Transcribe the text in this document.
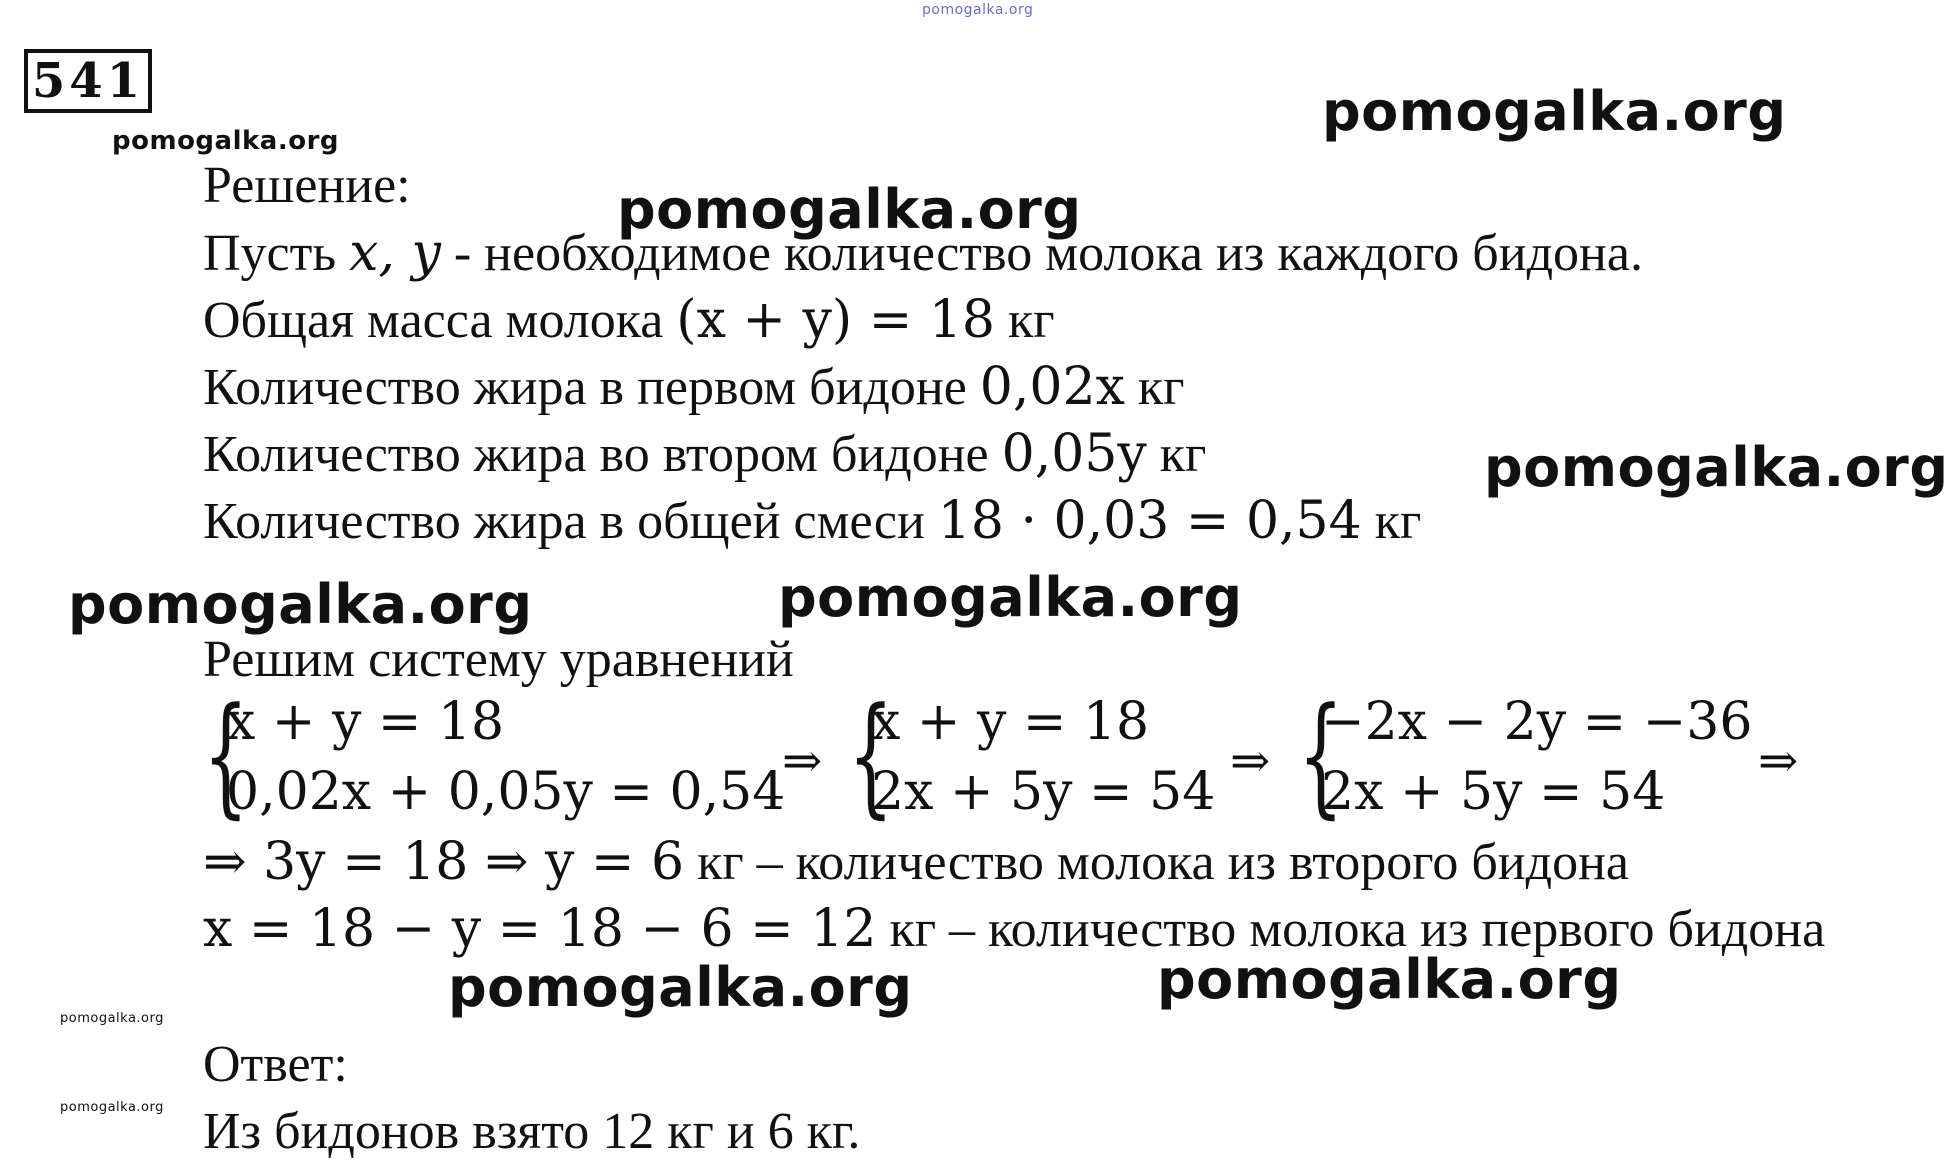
pomogalka.org
pomogalka.org
pomogalka.org
pomogalka.org
pomogalka.org
pomogalka.org	pomogalka.org
pomogalka.org	pomogalka.org
pomogalka.org
pomogalka.org
541
Решение:
Пусть x, y - необходимое количество молока из каждого бидона.
Общая масса молока (x + y) = 18 кг
Количество жира в первом бидоне 0,02x кг
Количество жира во втором бидоне 0,05y кг
Количество жира в общей смеси 18 · 0,03 = 0,54 кг
Решим систему уравнений
{
x + y = 18
0,02x + 0,05y = 0,54
⇒ {
x + y = 18
2x + 5y = 54
⇒ {
−2x − 2y = −36
2x + 5y = 54
⇒
⇒ 3y = 18 ⇒ y = 6 кг – количество молока из второго бидона
x = 18 − y = 18 − 6 = 12 кг – количество молока из первого бидона
Ответ:
Из бидонов взято 12 кг и 6 кг.
